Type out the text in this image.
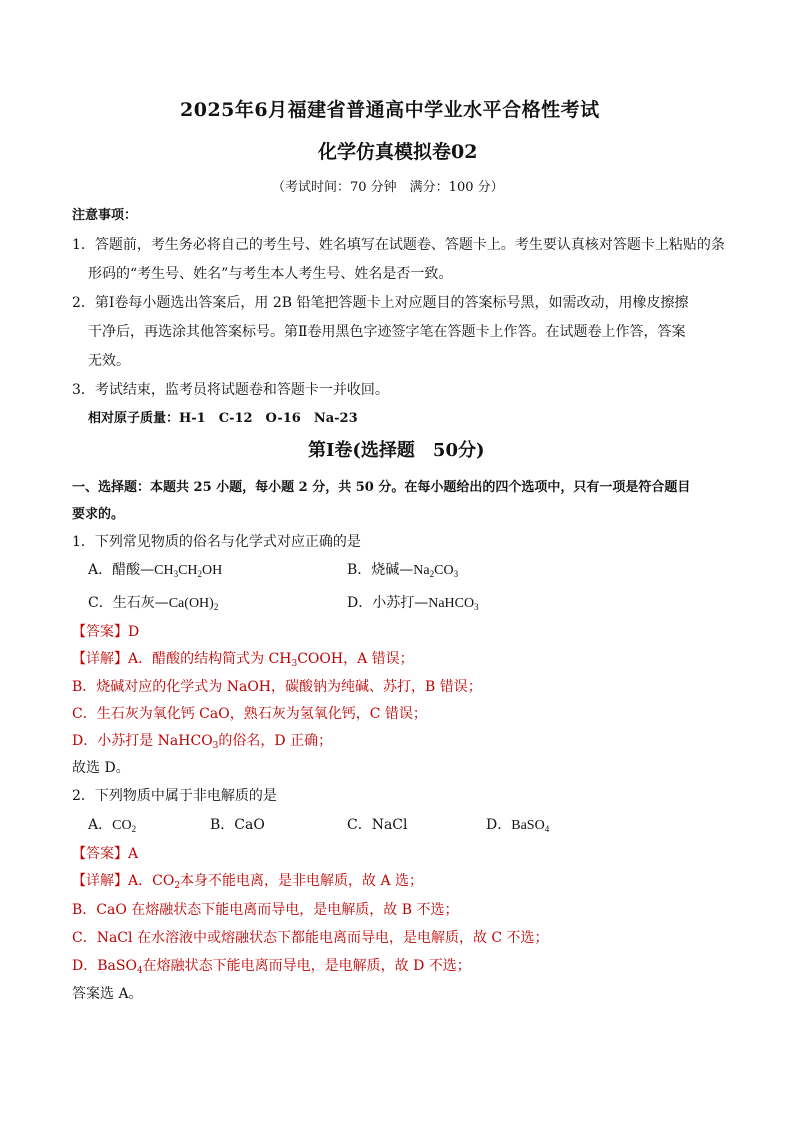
2025年6月福建省普通高中学业水平合格性考试
化学仿真模拟卷02
（考试时间：70 分钟　满分：100 分）
注意事项：
1．答题前，考生务必将自己的考生号、姓名填写在试题卷、答题卡上。考生要认真核对答题卡上粘贴的条
形码的“考生号、姓名”与考生本人考生号、姓名是否一致。
2．第Ⅰ卷每小题选出答案后，用 2B 铅笔把答题卡上对应题目的答案标号黑，如需改动，用橡皮擦擦
干净后，再选涂其他答案标号。第Ⅱ卷用黑色字迹签字笔在答题卡上作答。在试题卷上作答，答案
无效。
3．考试结束，监考员将试题卷和答题卡一并收回。
相对原子质量：H-1　C-12　O-16　Na-23
第Ⅰ卷(选择题　50分)
一、选择题：本题共 25 小题，每小题 2 分，共 50 分。在每小题给出的四个选项中，只有一项是符合题目
要求的。
1．下列常见物质的俗名与化学式对应正确的是
A．醋酸$—CH_3CH_2OH$	B．烧碱$—Na_2CO_3$
C．生石灰$—Ca(OH)_2$	D．小苏打—NaHCO$_3$
【答案】D
【详解】A．醋酸的结构简式为 $CH_3COOH$，A 错误；
B．烧碱对应的化学式为 NaOH，碳酸钠为纯碱、苏打，B 错误；
C．生石灰为氧化钙 CaO，熟石灰为氢氧化钙，C 错误；
D．小苏打是 NaHCO$_3$的俗名，D 正确；
故选 D。
2．下列物质中属于非电解质的是
A．$CO_2$	B．CaO	C．NaCl	D．BaSO$_4$
【答案】A
【详解】A．$CO_2$本身不能电离，是非电解质，故 A 选；
B．CaO 在熔融状态下能电离而导电，是电解质，故 B 不选；
C．NaCl 在水溶液中或熔融状态下都能电离而导电，是电解质，故 C 不选；
D．BaSO$_4$在熔融状态下能电离而导电，是电解质，故 D 不选；
答案选 A。
